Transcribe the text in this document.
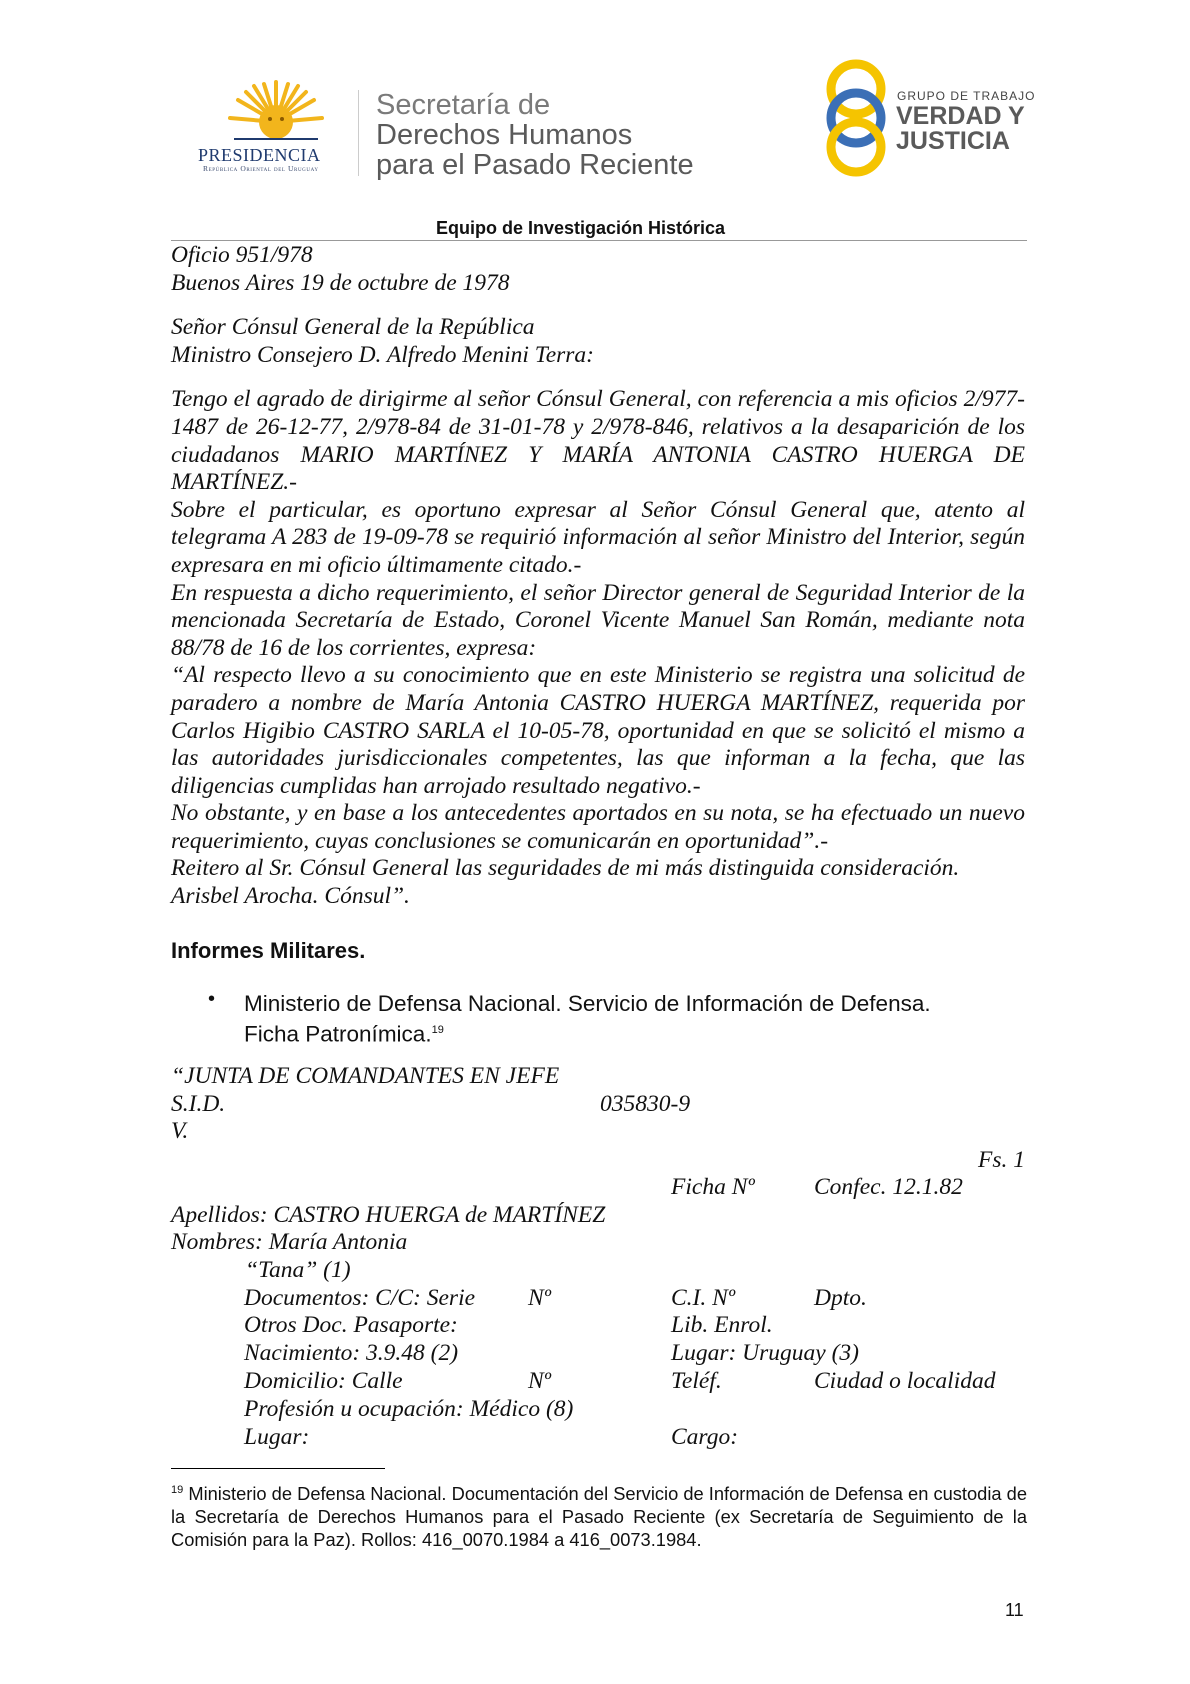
PRESIDENCIA
República Oriental del Uruguay
Secretaría de
Derechos Humanos
para el Pasado Reciente
GRUPO DE TRABAJO
VERDAD Y
JUSTICIA
Equipo de Investigación Histórica

Oficio 951/978

Buenos Aires 19 de octubre de 1978

Señor Cónsul General de la República

Ministro Consejero D. Alfredo Menini Terra:

Tengo el agrado de dirigirme al señor Cónsul General, con referencia a mis oficios 2/977-1487 de 26-12-77, 2/978-84 de 31-01-78 y 2/978-846, relativos a la desaparición de los ciudadanos MARIO MARTÍNEZ Y MARÍA ANTONIA CASTRO HUERGA DE MARTÍNEZ.-

Sobre el particular, es oportuno expresar al Señor Cónsul General que, atento al telegrama A 283 de 19-09-78 se requirió información al señor Ministro del Interior, según expresara en mi oficio últimamente citado.-

En respuesta a dicho requerimiento, el señor Director general de Seguridad Interior de la mencionada Secretaría de Estado, Coronel Vicente Manuel San Román, mediante nota 88/78 de 16 de los corrientes, expresa:

“Al respecto llevo a su conocimiento que en este Ministerio se registra una solicitud de paradero a nombre de María Antonia CASTRO HUERGA MARTÍNEZ, requerida por Carlos Higibio CASTRO SARLA el 10-05-78, oportunidad en que se solicitó el mismo a las autoridades jurisdiccionales competentes, las que informan a la fecha, que las diligencias cumplidas han arrojado resultado negativo.-

No obstante, y en base a los antecedentes aportados en su nota, se ha efectuado un nuevo requerimiento, cuyas conclusiones se comunicarán en oportunidad”.-

Reitero al Sr. Cónsul General las seguridades de mi más distinguida consideración.

Arisbel Arocha. Cónsul”.

Informes Militares.
• Ministerio de Defensa Nacional. Servicio de Información de Defensa.
Ficha Patronímica.$^{19}$
“JUNTA DE COMANDANTES EN JEFE
S.I.D.	035830-9
V.
Fs. 1
Ficha Nº	Confec. 12.1.82
Apellidos: CASTRO HUERGA de MARTÍNEZ
Nombres: María Antonia
“Tana” (1)
Documentos: C/C: Serie Nº	C.I. Nº	Dpto.
Otros Doc. Pasaporte:	Lib. Enrol.
Nacimiento: 3.9.48 (2)	Lugar: Uruguay (3)
Domicilio: Calle	Nº	Teléf.	Ciudad o localidad
Profesión u ocupación: Médico (8)
Lugar:	Cargo:
$^{19}$ Ministerio de Defensa Nacional. Documentación del Servicio de Información de Defensa en custodia de la Secretaría de Derechos Humanos para el Pasado Reciente (ex Secretaría de Seguimiento de la Comisión para la Paz). Rollos: 416_0070.1984 a 416_0073.1984.
11
